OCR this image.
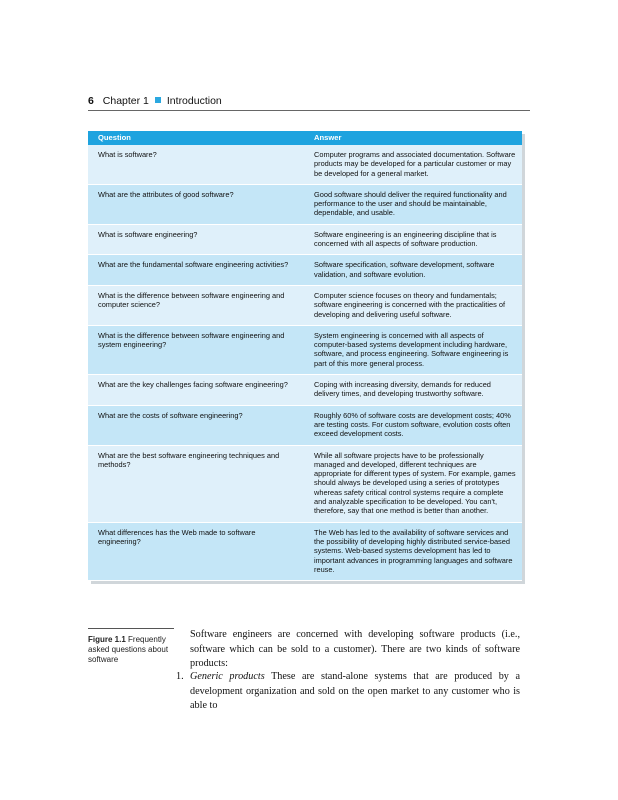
6 Chapter 1 Introduction
Question	Answer
What is software?	Computer programs and associated documentation. Software products may be developed for a particular customer or may be developed for a general market.
What are the attributes of good software?	Good software should deliver the required functionality and performance to the user and should be maintainable, dependable, and usable.
What is software engineering?	Software engineering is an engineering discipline that is concerned with all aspects of software production.
What are the fundamental software engineering activities?	Software specification, software development, software validation, and software evolution.
What is the difference between software engineering and computer science?	Computer science focuses on theory and fundamentals; software engineering is concerned with the practicalities of developing and delivering useful software.
What is the difference between software engineering and system engineering?	System engineering is concerned with all aspects of computer-based systems development including hardware, software, and process engineering. Software engineering is part of this more general process.
What are the key challenges facing software engineering?	Coping with increasing diversity, demands for reduced delivery times, and developing trustworthy software.
What are the costs of software engineering?	Roughly 60% of software costs are development costs; 40% are testing costs. For custom software, evolution costs often exceed development costs.
What are the best software engineering techniques and methods?	While all software projects have to be professionally managed and developed, different techniques are appropriate for different types of system. For example, games should always be developed using a series of prototypes whereas safety critical control systems require a complete and analyzable specification to be developed. You can't, therefore, say that one method is better than another.
What differences has the Web made to software engineering?	The Web has led to the availability of software services and the possibility of developing highly distributed service-based systems. Web-based systems development has led to important advances in programming languages and software reuse.
Figure 1.1 Frequently asked questions about software

Software engineers are concerned with developing software products (i.e., software which can be sold to a customer). There are two kinds of software products:

1. Generic products These are stand-alone systems that are produced by a development organization and sold on the open market to any customer who is able to
